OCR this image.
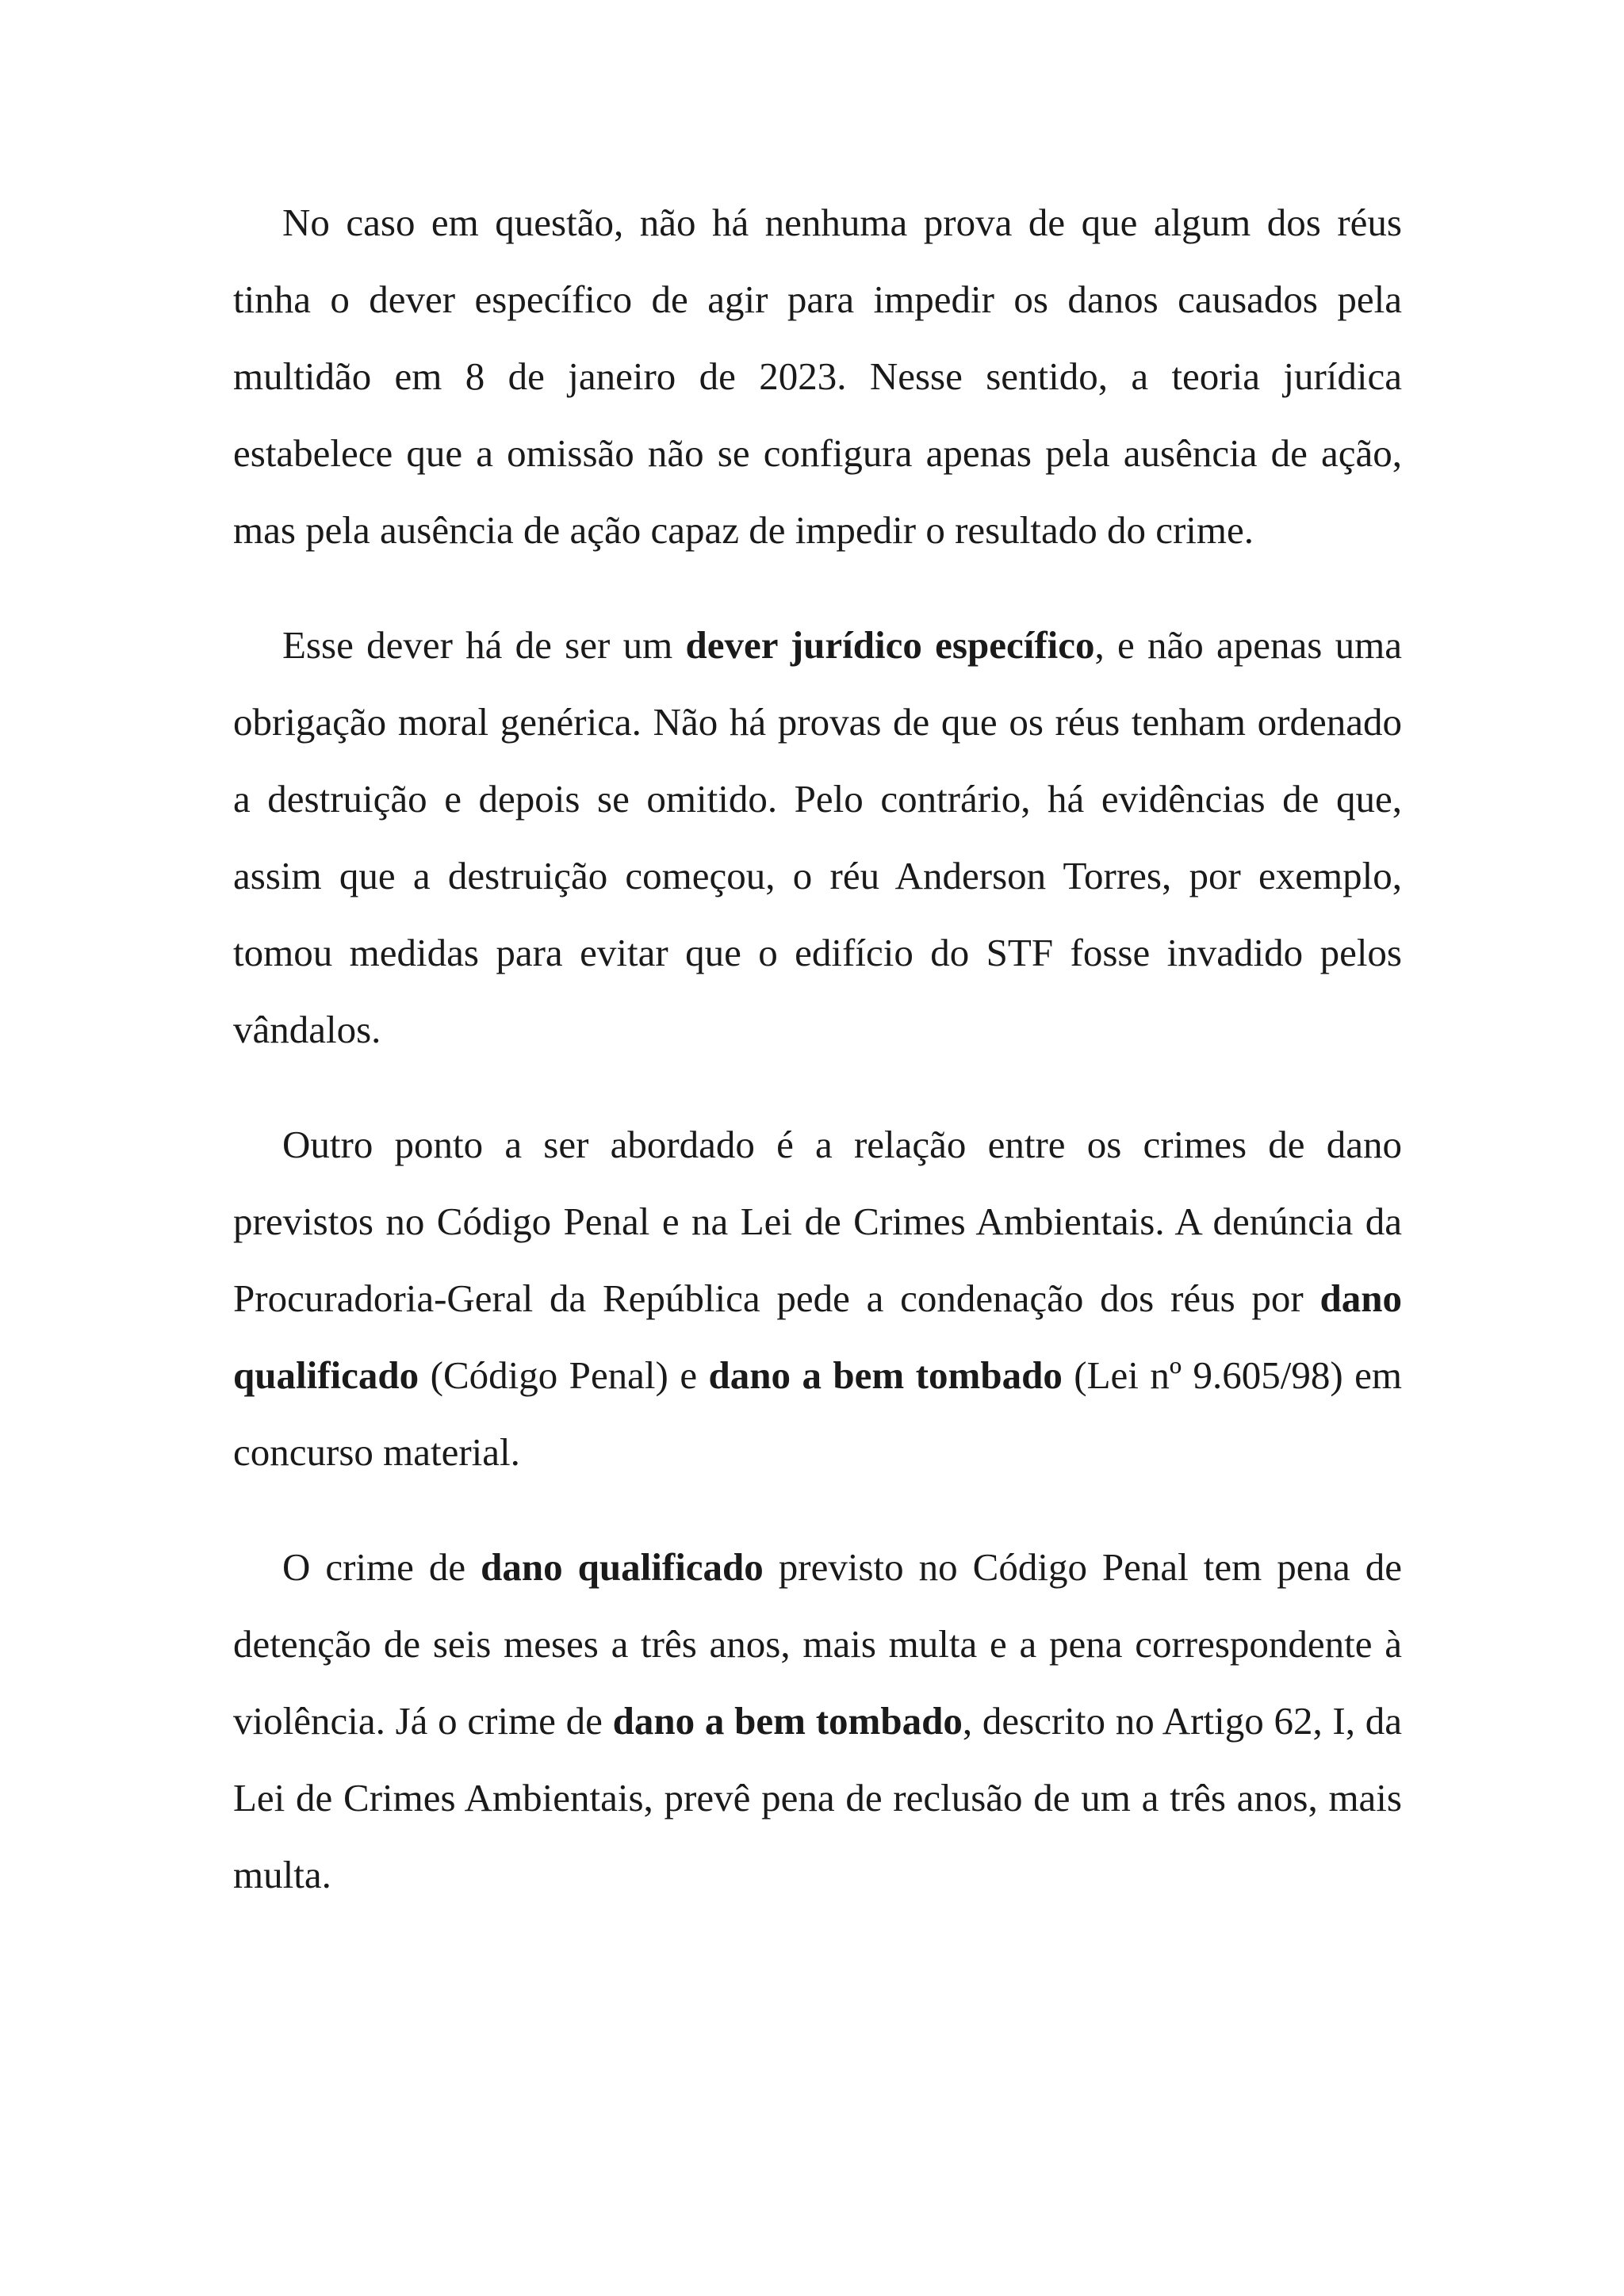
No caso em questão, não há nenhuma prova de que algum dos réus tinha o dever específico de agir para impedir os danos causados pela multidão em 8 de janeiro de 2023. Nesse sentido, a teoria jurídica estabelece que a omissão não se configura apenas pela ausência de ação, mas pela ausência de ação capaz de impedir o resultado do crime.

Esse dever há de ser um dever jurídico específico, e não apenas uma obrigação moral genérica. Não há provas de que os réus tenham ordenado a destruição e depois se omitido. Pelo contrário, há evidências de que, assim que a destruição começou, o réu Anderson Torres, por exemplo, tomou medidas para evitar que o edifício do STF fosse invadido pelos vândalos.

Outro ponto a ser abordado é a relação entre os crimes de dano previstos no Código Penal e na Lei de Crimes Ambientais. A denúncia da Procuradoria-Geral da República pede a condenação dos réus por dano qualificado (Código Penal) e dano a bem tombado (Lei nº 9.605/98) em concurso material.

O crime de dano qualificado previsto no Código Penal tem pena de detenção de seis meses a três anos, mais multa e a pena correspondente à violência. Já o crime de dano a bem tombado, descrito no Artigo 62, I, da Lei de Crimes Ambientais, prevê pena de reclusão de um a três anos, mais multa.
